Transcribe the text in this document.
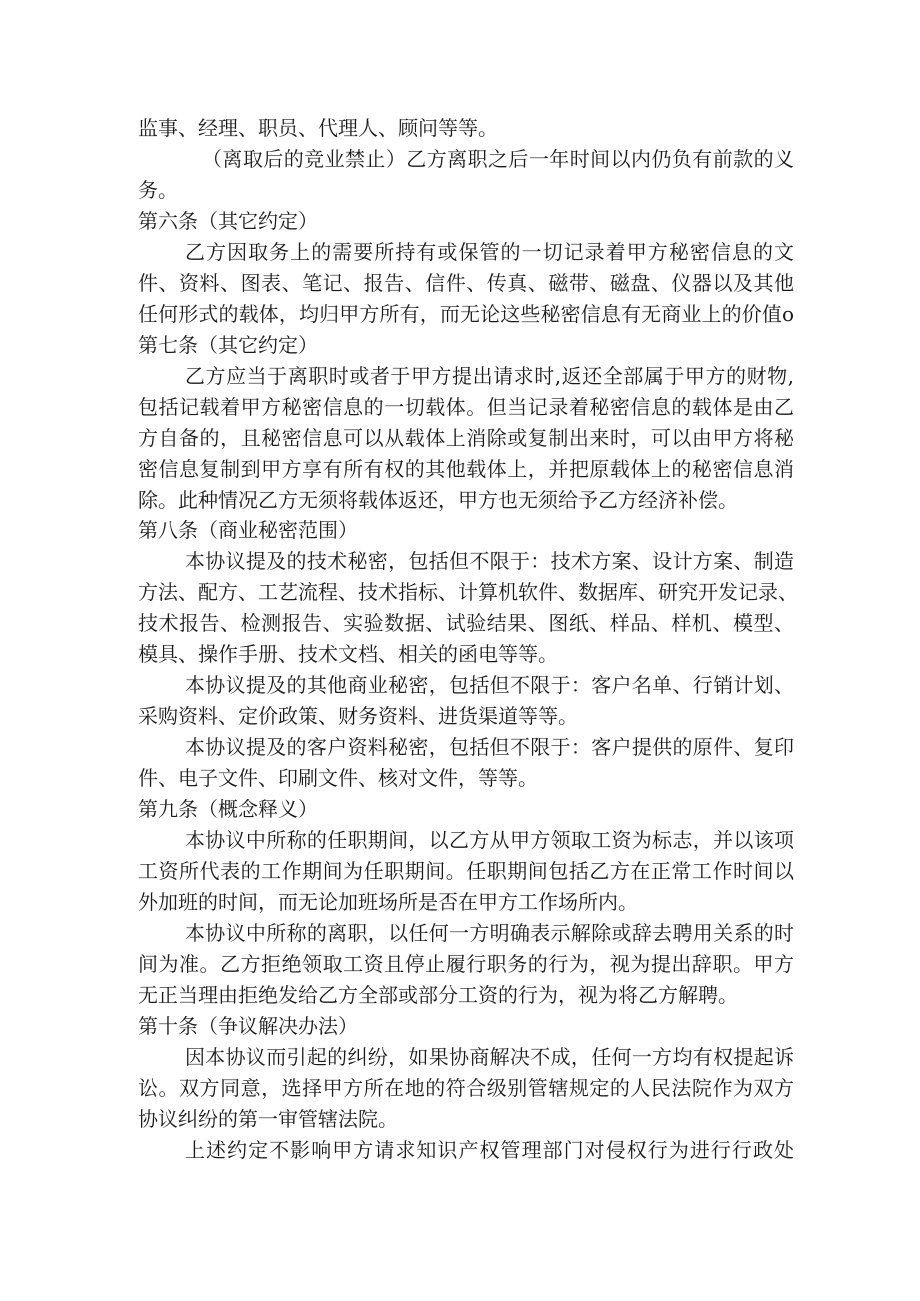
监事、经理、职员、代理人、顾问等等。
（离取后的竞业禁止）乙方离职之后一年时间以内仍负有前款的义
务。
第六条（其它约定）
乙方因取务上的需要所持有或保管的一切记录着甲方秘密信息的文
件、资料、图表、笔记、报告、信件、传真、磁带、磁盘、仪器以及其他
任何形式的载体，均归甲方所有，而无论这些秘密信息有无商业上的价值o
第七条（其它约定）
乙方应当于离职时或者于甲方提出请求时,返还全部属于甲方的财物,
包括记载着甲方秘密信息的一切载体。但当记录着秘密信息的载体是由乙
方自备的，且秘密信息可以从载体上消除或复制出来时，可以由甲方将秘
密信息复制到甲方享有所有权的其他载体上，并把原载体上的秘密信息消
除。此种情况乙方无须将载体返还，甲方也无须给予乙方经济补偿。
第八条（商业秘密范围）
本协议提及的技术秘密，包括但不限于：技术方案、设计方案、制造
方法、配方、工艺流程、技术指标、计算机软件、数据库、研究开发记录、
技术报告、检测报告、实验数据、试验结果、图纸、样品、样机、模型、
模具、操作手册、技术文档、相关的函电等等。
本协议提及的其他商业秘密，包括但不限于：客户名单、行销计划、
采购资料、定价政策、财务资料、进货渠道等等。
本协议提及的客户资料秘密，包括但不限于：客户提供的原件、复印
件、电子文件、印刷文件、核对文件，等等。
第九条（概念释义）
本协议中所称的任职期间，以乙方从甲方领取工资为标志，并以该项
工资所代表的工作期间为任职期间。任职期间包括乙方在正常工作时间以
外加班的时间，而无论加班场所是否在甲方工作场所内。
本协议中所称的离职，以任何一方明确表示解除或辞去聘用关系的时
间为准。乙方拒绝领取工资且停止履行职务的行为，视为提出辞职。甲方
无正当理由拒绝发给乙方全部或部分工资的行为，视为将乙方解聘。
第十条（争议解决办法）
因本协议而引起的纠纷，如果协商解决不成，任何一方均有权提起诉
讼。双方同意，选择甲方所在地的符合级别管辖规定的人民法院作为双方
协议纠纷的第一审管辖法院。
上述约定不影响甲方请求知识产权管理部门对侵权行为进行行政处
